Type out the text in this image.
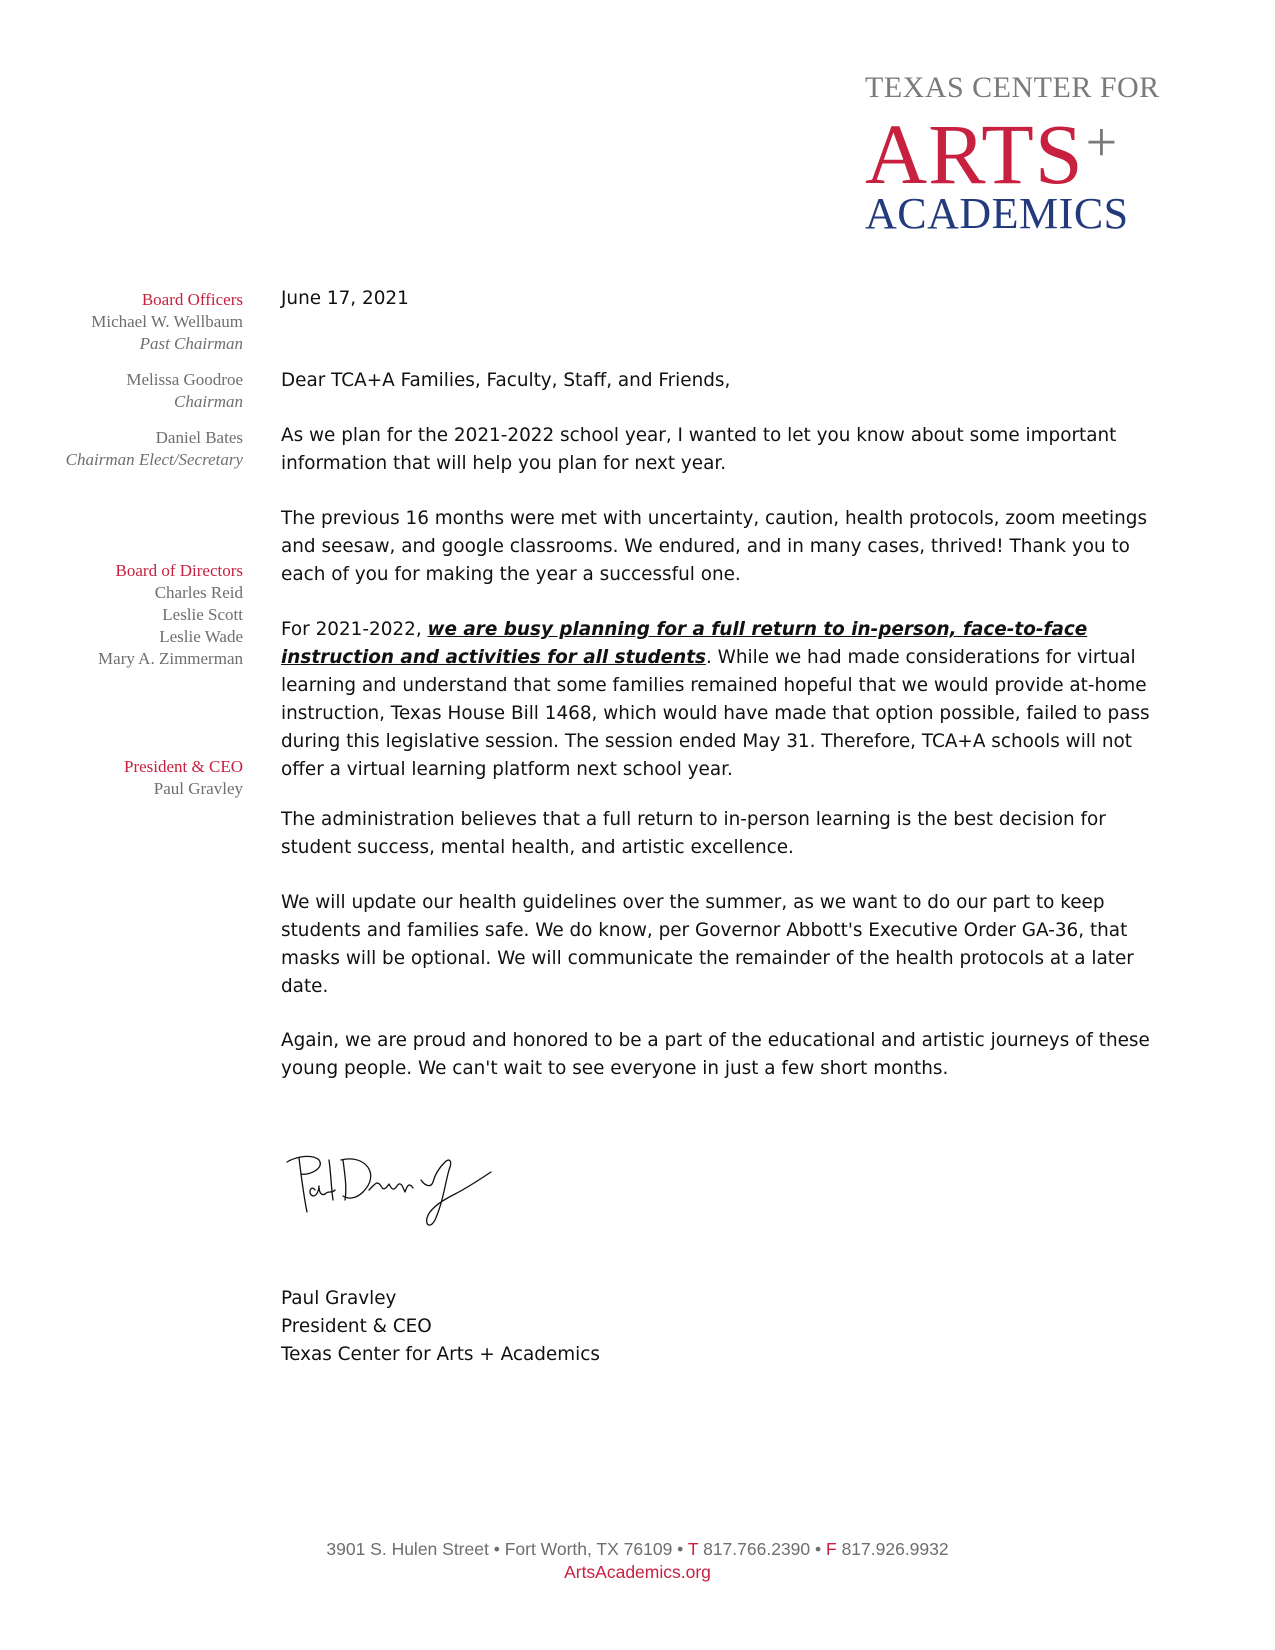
TEXAS CENTER FOR
ARTS+
ACADEMICS
Board Officers
Michael W. Wellbaum
Past Chairman
Melissa Goodroe
Chairman
Daniel Bates
Chairman Elect/Secretary
Board of Directors
Charles Reid
Leslie Scott
Leslie Wade
Mary A. Zimmerman
President & CEO
Paul Gravley
June 17, 2021
Dear TCA+A Families, Faculty, Staff, and Friends,
As we plan for the 2021-2022 school year, I wanted to let you know about some important information that will help you plan for next year.
The previous 16 months were met with uncertainty, caution, health protocols, zoom meetings and seesaw, and google classrooms. We endured, and in many cases, thrived! Thank you to each of you for making the year a successful one.
For 2021-2022, we are busy planning for a full return to in-person, face-to-face instruction and activities for all students. While we had made considerations for virtual learning and understand that some families remained hopeful that we would provide at-home instruction, Texas House Bill 1468, which would have made that option possible, failed to pass during this legislative session. The session ended May 31. Therefore, TCA+A schools will not offer a virtual learning platform next school year.
The administration believes that a full return to in-person learning is the best decision for student success, mental health, and artistic excellence.
We will update our health guidelines over the summer, as we want to do our part to keep students and families safe. We do know, per Governor Abbott's Executive Order GA-36, that masks will be optional. We will communicate the remainder of the health protocols at a later date.
Again, we are proud and honored to be a part of the educational and artistic journeys of these young people. We can't wait to see everyone in just a few short months.
Paul Gravley
President & CEO
Texas Center for Arts + Academics
3901 S. Hulen Street • Fort Worth, TX 76109 • T 817.766.2390 • F 817.926.9932
ArtsAcademics.org
